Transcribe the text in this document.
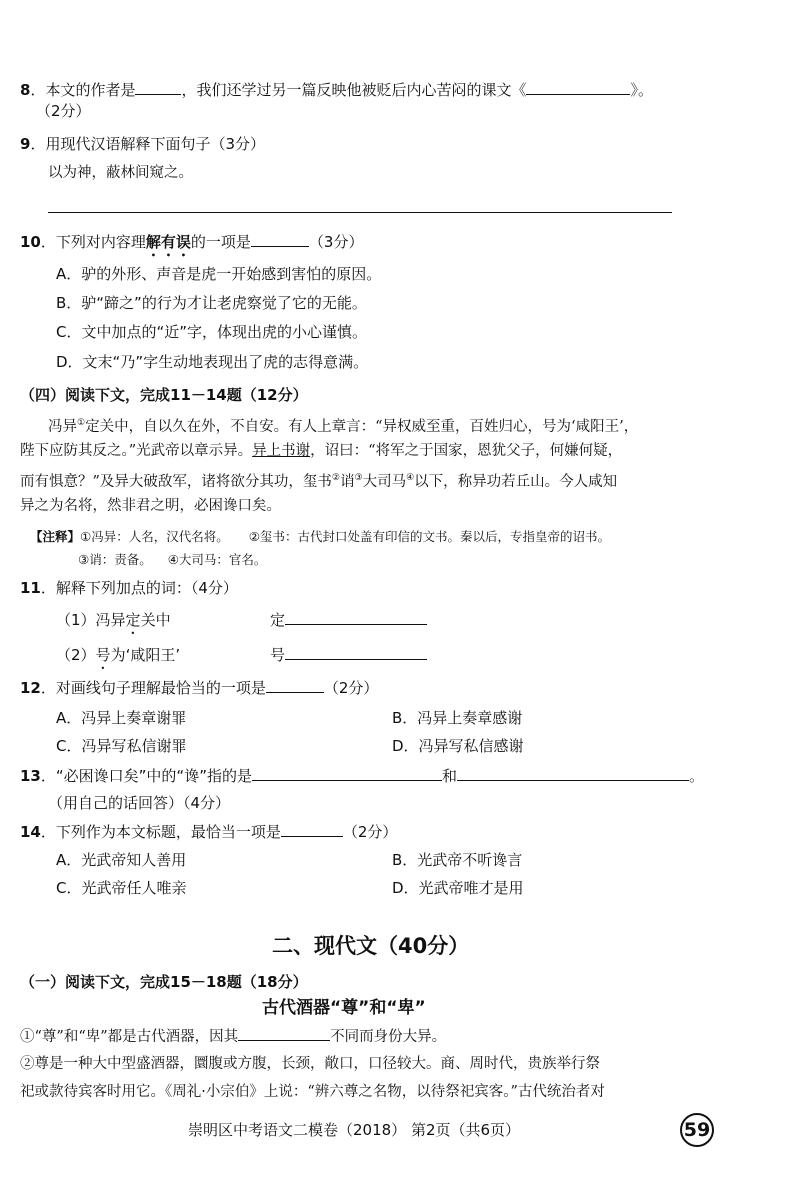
8．本文的作者是	，我们还学过另一篇反映他被贬后内心苦闷的课文《	》。
（2分）
9．用现代汉语解释下面句子（3分）
以为神，蔽林间窥之。
10．下列对内容理解有误的一项是	（3分）
A．驴的外形、声音是虎一开始感到害怕的原因。
B．驴“蹄之”的行为才让老虎察觉了它的无能。
C．文中加点的“近”字，体现出虎的小心谨慎。
D．文末“乃”字生动地表现出了虎的志得意满。
（四）阅读下文，完成11－14题（12分）
冯异①定关中，自以久在外，不自安。有人上章言：“异权威至重，百姓归心，号为‘咸阳王’，
陛下应防其反之。”光武帝以章示异。异上书谢，诏曰：“将军之于国家，恩犹父子，何嫌何疑，
而有惧意？”及异大破敌军，诸将欲分其功，玺书②诮③大司马④以下，称异功若丘山。今人咸知
异之为名将，然非君之明，必困谗口矣。
【注释】①冯异：人名，汉代名将。 ②玺书：古代封口处盖有印信的文书。秦以后，专指皇帝的诏书。
③诮：责备。 ④大司马：官名。
11．解释下列加点的词：（4分）
（1）冯异定关中	定
（2）号为‘咸阳王’	号
12．对画线句子理解最恰当的一项是	（2分）
A．冯异上奏章谢罪	B．冯异上奏章感谢
C．冯异写私信谢罪	D．冯异写私信感谢
13．“必困谗口矣”中的“谗”指的是	和	。
（用自己的话回答）（4分）
14．下列作为本文标题，最恰当一项是	（2分）
A．光武帝知人善用	B．光武帝不听谗言
C．光武帝任人唯亲	D．光武帝唯才是用
二、现代文（40分）
（一）阅读下文，完成15－18题（18分）
古代酒器“尊”和“卑”
①“尊”和“卑”都是古代酒器，因其	不同而身份大异。
②尊是一种大中型盛酒器，圜腹或方腹，长颈，敞口，口径较大。商、周时代，贵族举行祭
祀或款待宾客时用它。《周礼·小宗伯》上说：“辨六尊之名物，以待祭祀宾客。”古代统治者对
崇明区中考语文二模卷（2018） 第2页（共6页）	59
